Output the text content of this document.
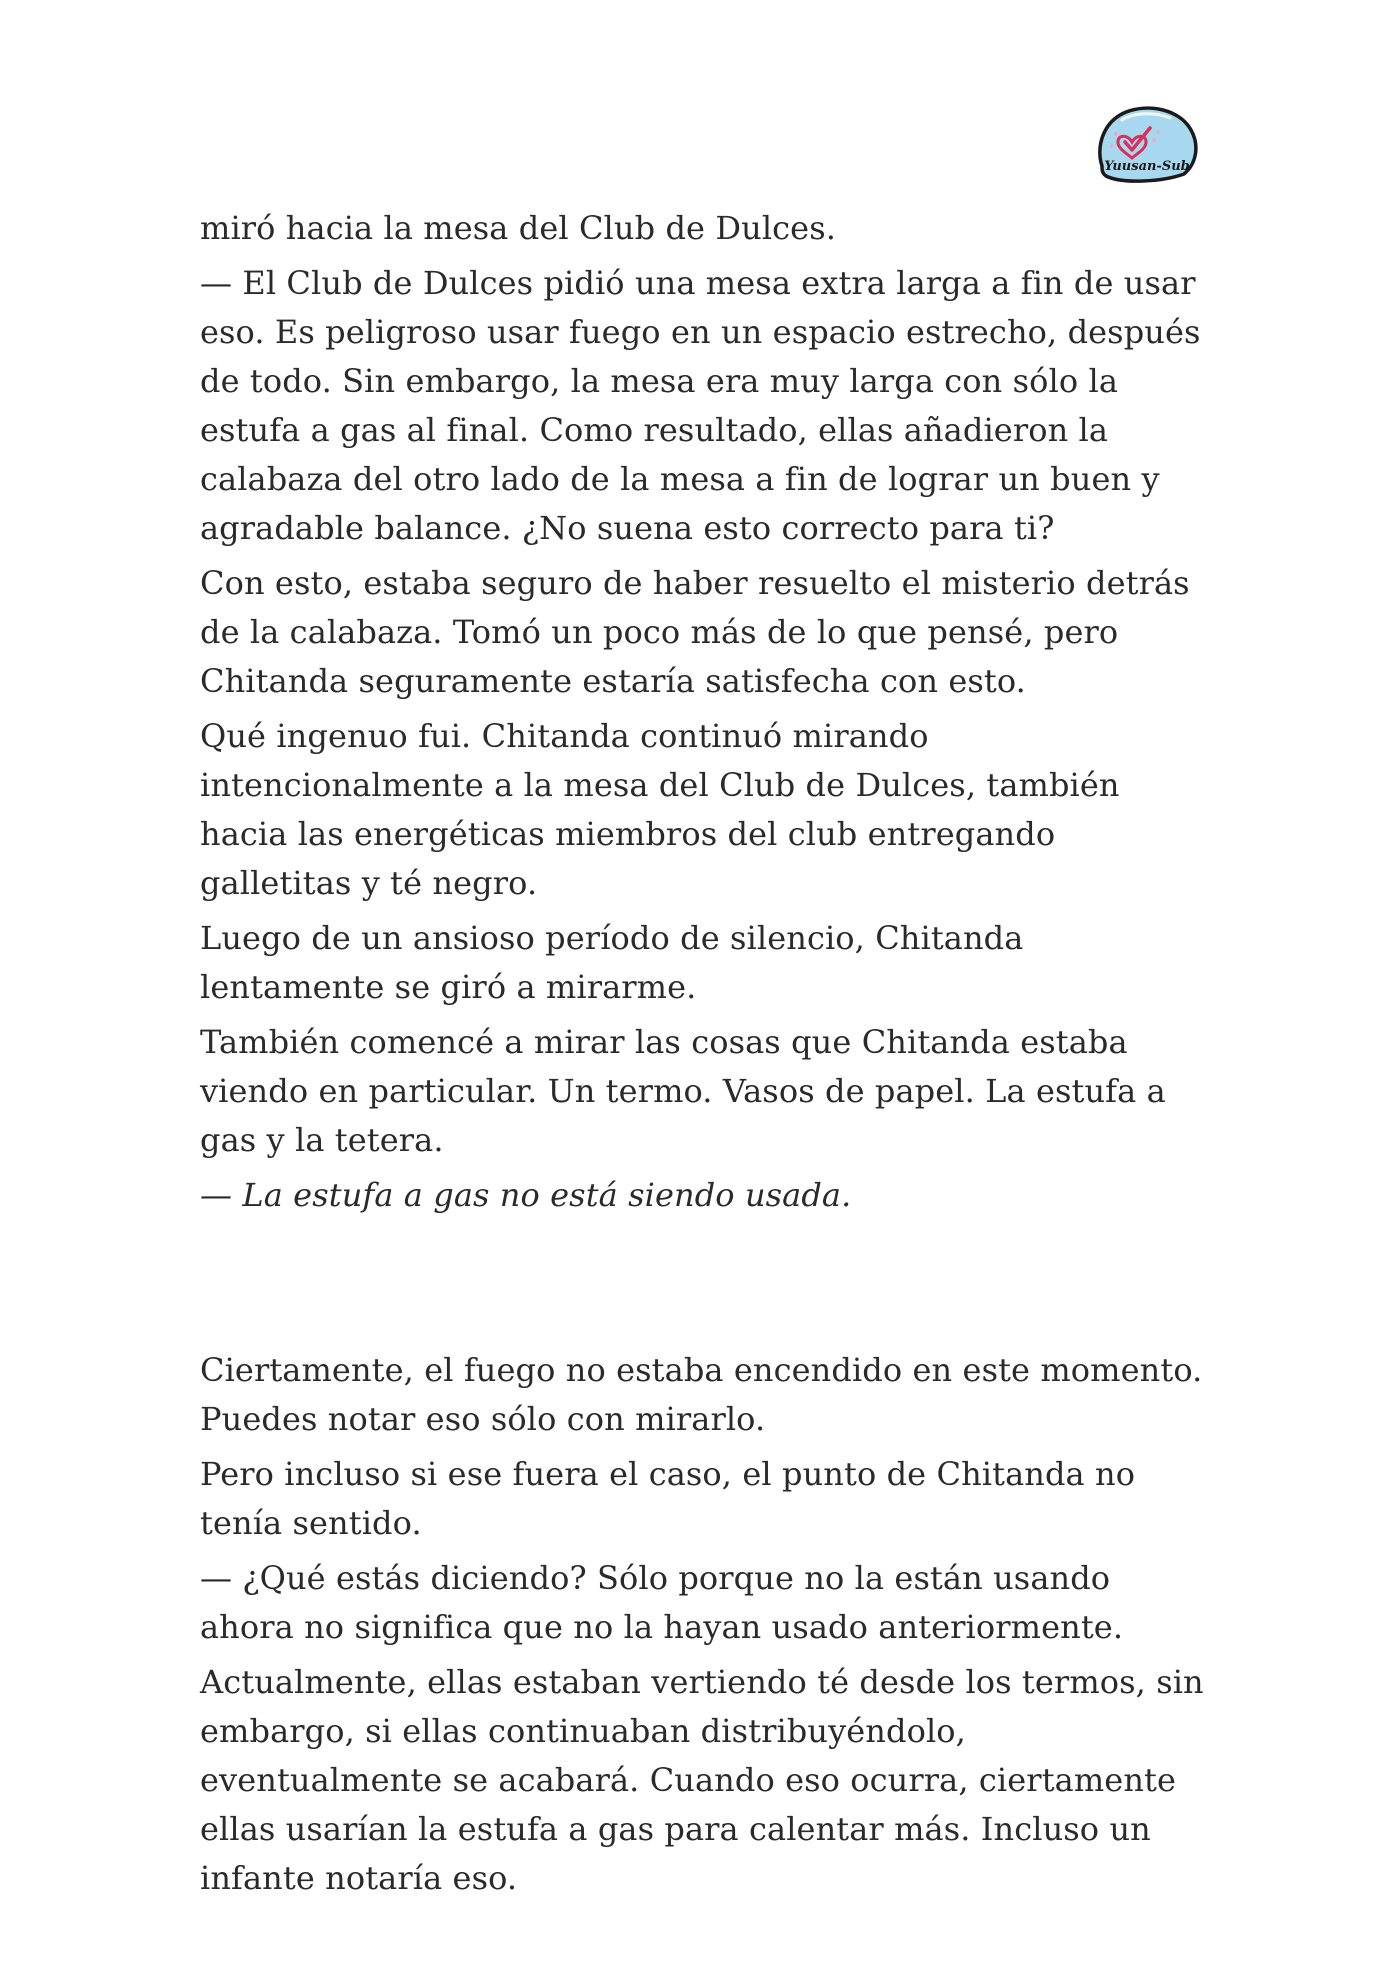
Yuusan-Sub

miró hacia la mesa del Club de Dulces.

— El Club de Dulces pidió una mesa extra larga a fin de usar eso. Es peligroso usar fuego en un espacio estrecho, después de todo. Sin embargo, la mesa era muy larga con sólo la estufa a gas al final. Como resultado, ellas añadieron la calabaza del otro lado de la mesa a fin de lograr un buen y agradable balance. ¿No suena esto correcto para ti?

Con esto, estaba seguro de haber resuelto el misterio detrás de la calabaza. Tomó un poco más de lo que pensé, pero Chitanda seguramente estaría satisfecha con esto.

Qué ingenuo fui. Chitanda continuó mirando intencionalmente a la mesa del Club de Dulces, también hacia las energéticas miembros del club entregando galletitas y té negro.

Luego de un ansioso período de silencio, Chitanda lentamente se giró a mirarme.

También comencé a mirar las cosas que Chitanda estaba viendo en particular. Un termo. Vasos de papel. La estufa a gas y la tetera.

— La estufa a gas no está siendo usada.

Ciertamente, el fuego no estaba encendido en este momento. Puedes notar eso sólo con mirarlo.

Pero incluso si ese fuera el caso, el punto de Chitanda no tenía sentido.

— ¿Qué estás diciendo? Sólo porque no la están usando ahora no significa que no la hayan usado anteriormente.

Actualmente, ellas estaban vertiendo té desde los termos, sin embargo, si ellas continuaban distribuyéndolo, eventualmente se acabará. Cuando eso ocurra, ciertamente ellas usarían la estufa a gas para calentar más. Incluso un infante notaría eso.
